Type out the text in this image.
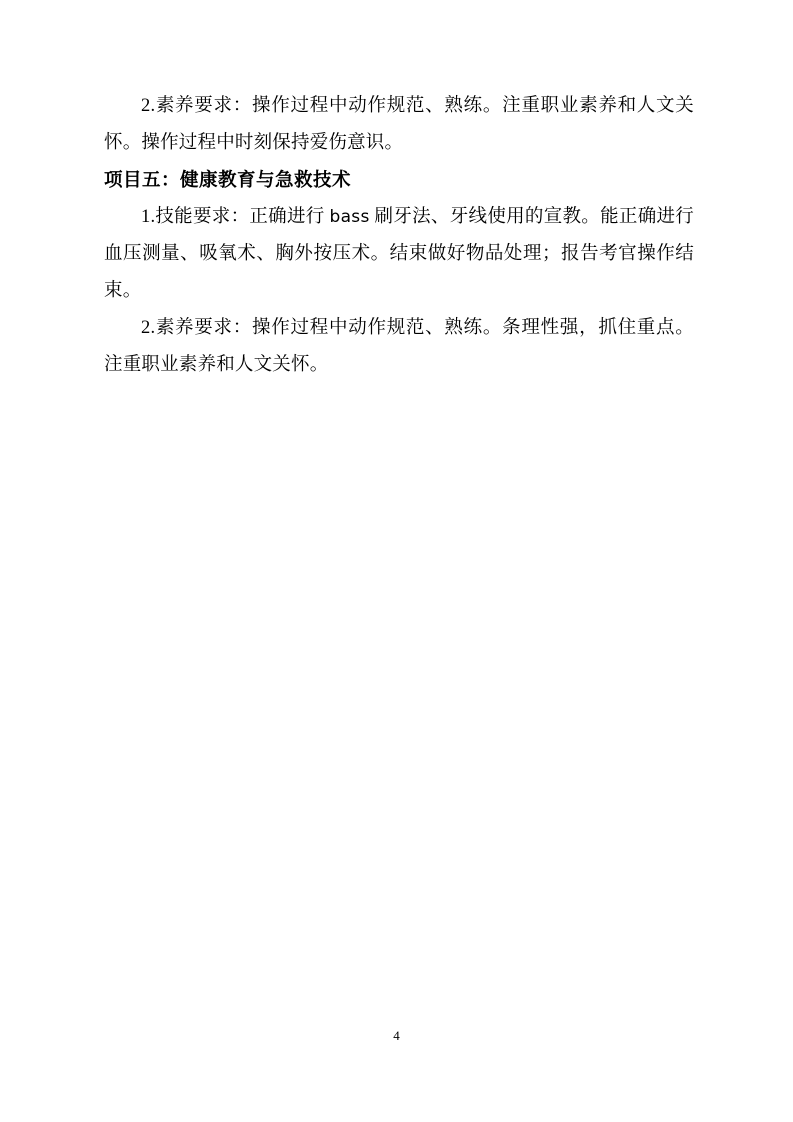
2.素养要求：操作过程中动作规范、熟练。注重职业素养和人文关怀。操作过程中时刻保持爱伤意识。

项目五：健康教育与急救技术

1.技能要求：正确进行 bass 刷牙法、牙线使用的宣教。能正确进行血压测量、吸氧术、胸外按压术。结束做好物品处理；报告考官操作结束。

2.素养要求：操作过程中动作规范、熟练。条理性强，抓住重点。注重职业素养和人文关怀。

4
